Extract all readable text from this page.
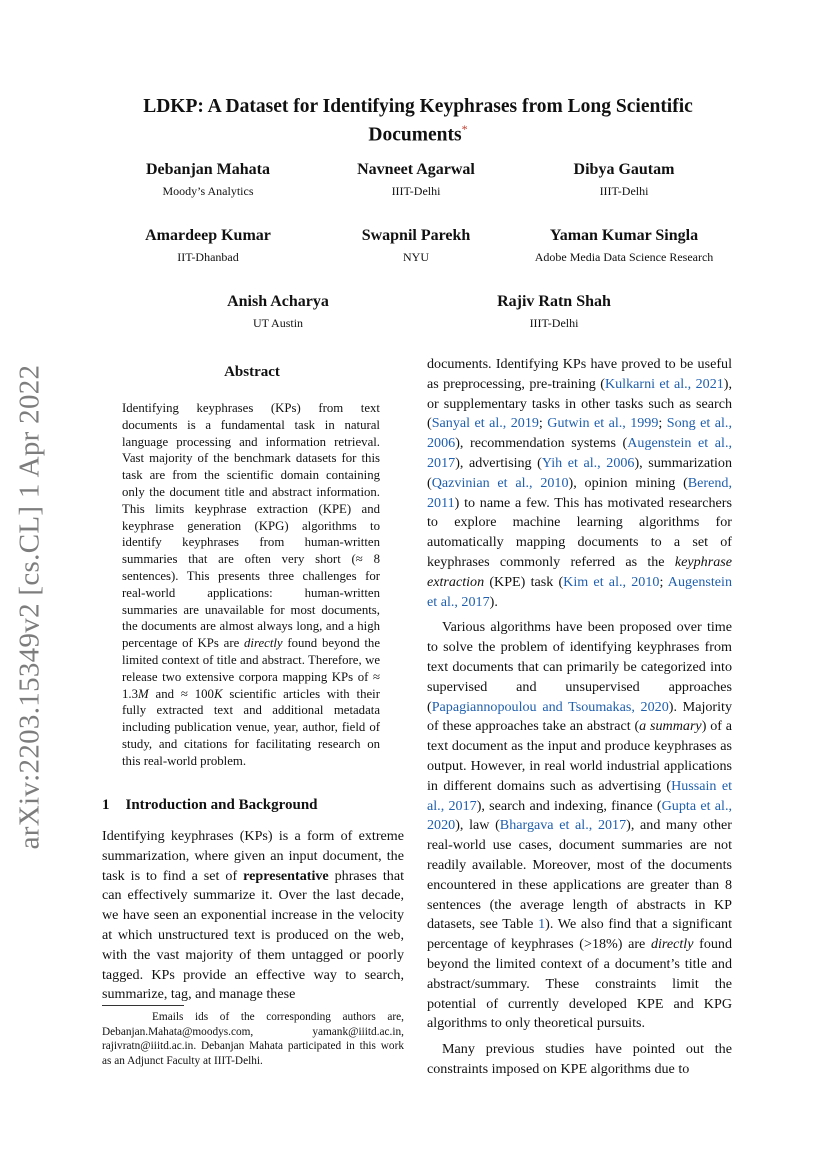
arXiv:2203.15349v2 [cs.CL] 1 Apr 2022
LDKP: A Dataset for Identifying Keyphrases from Long Scientific Documents*
Debanjan Mahata
Moody’s Analytics
Navneet Agarwal
IIIT-Delhi
Dibya Gautam
IIIT-Delhi
Amardeep Kumar
IIT-Dhanbad
Swapnil Parekh
NYU
Yaman Kumar Singla
Adobe Media Data Science Research
Anish Acharya
UT Austin
Rajiv Ratn Shah
IIIT-Delhi
Abstract
Identifying keyphrases (KPs) from text documents is a fundamental task in natural language processing and information retrieval. Vast majority of the benchmark datasets for this task are from the scientific domain containing only the document title and abstract information. This limits keyphrase extraction (KPE) and keyphrase generation (KPG) algorithms to identify keyphrases from human-written summaries that are often very short (≈ 8 sentences). This presents three challenges for real-world applications: human-written summaries are unavailable for most documents, the documents are almost always long, and a high percentage of KPs are directly found beyond the limited context of title and abstract. Therefore, we release two extensive corpora mapping KPs of ≈ 1.3M and ≈ 100K scientific articles with their fully extracted text and additional metadata including publication venue, year, author, field of study, and citations for facilitating research on this real-world problem.
1 Introduction and Background
Identifying keyphrases (KPs) is a form of extreme summarization, where given an input document, the task is to find a set of representative phrases that can effectively summarize it. Over the last decade, we have seen an exponential increase in the velocity at which unstructured text is produced on the web, with the vast majority of them untagged or poorly tagged. KPs provide an effective way to search, summarize, tag, and manage these

Emails ids of the corresponding authors are, Debanjan.Mahata@moodys.com, yamank@iiitd.ac.in, rajivratn@iiitd.ac.in. Debanjan Mahata participated in this work as an Adjunct Faculty at IIIT-Delhi.

documents. Identifying KPs have proved to be useful as preprocessing, pre-training (Kulkarni et al., 2021), or supplementary tasks in other tasks such as search (Sanyal et al., 2019; Gutwin et al., 1999; Song et al., 2006), recommendation systems (Augenstein et al., 2017), advertising (Yih et al., 2006), summarization (Qazvinian et al., 2010), opinion mining (Berend, 2011) to name a few. This has motivated researchers to explore machine learning algorithms for automatically mapping documents to a set of keyphrases commonly referred as the keyphrase extraction (KPE) task (Kim et al., 2010; Augenstein et al., 2017).

Various algorithms have been proposed over time to solve the problem of identifying keyphrases from text documents that can primarily be categorized into supervised and unsupervised approaches (Papagiannopoulou and Tsoumakas, 2020). Majority of these approaches take an abstract (a summary) of a text document as the input and produce keyphrases as output. However, in real world industrial applications in different domains such as advertising (Hussain et al., 2017), search and indexing, finance (Gupta et al., 2020), law (Bhargava et al., 2017), and many other real-world use cases, document summaries are not readily available. Moreover, most of the documents encountered in these applications are greater than 8 sentences (the average length of abstracts in KP datasets, see Table 1). We also find that a significant percentage of keyphrases (>18%) are directly found beyond the limited context of a document’s title and abstract/summary. These constraints limit the potential of currently developed KPE and KPG algorithms to only theoretical pursuits.

Many previous studies have pointed out the constraints imposed on KPE algorithms due to
